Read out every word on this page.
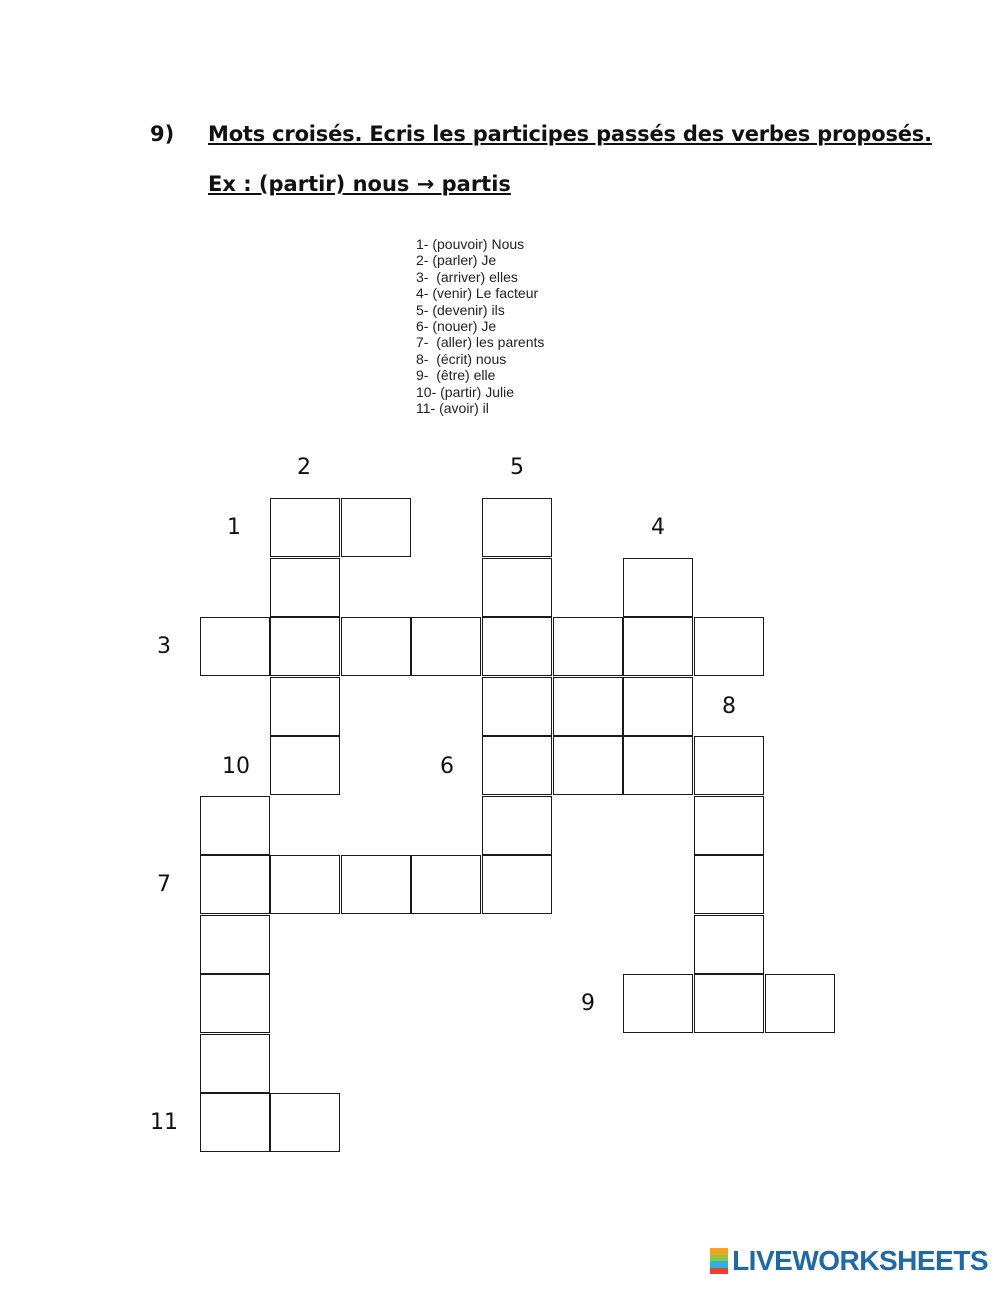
9) Mots croisés. Ecris les participes passés des verbes proposés.
Ex : (partir) nous → partis
1- (pouvoir) Nous
2- (parler) Je
3-  (arriver) elles
4- (venir) Le facteur
5- (devenir) ils
6- (nouer) Je
7-  (aller) les parents
8-  (écrit) nous
9-  (être) elle
10- (partir) Julie
11- (avoir) il
2	5
1	4
3
8
10	6
7
9
11
LIVEWORKSHEETS
